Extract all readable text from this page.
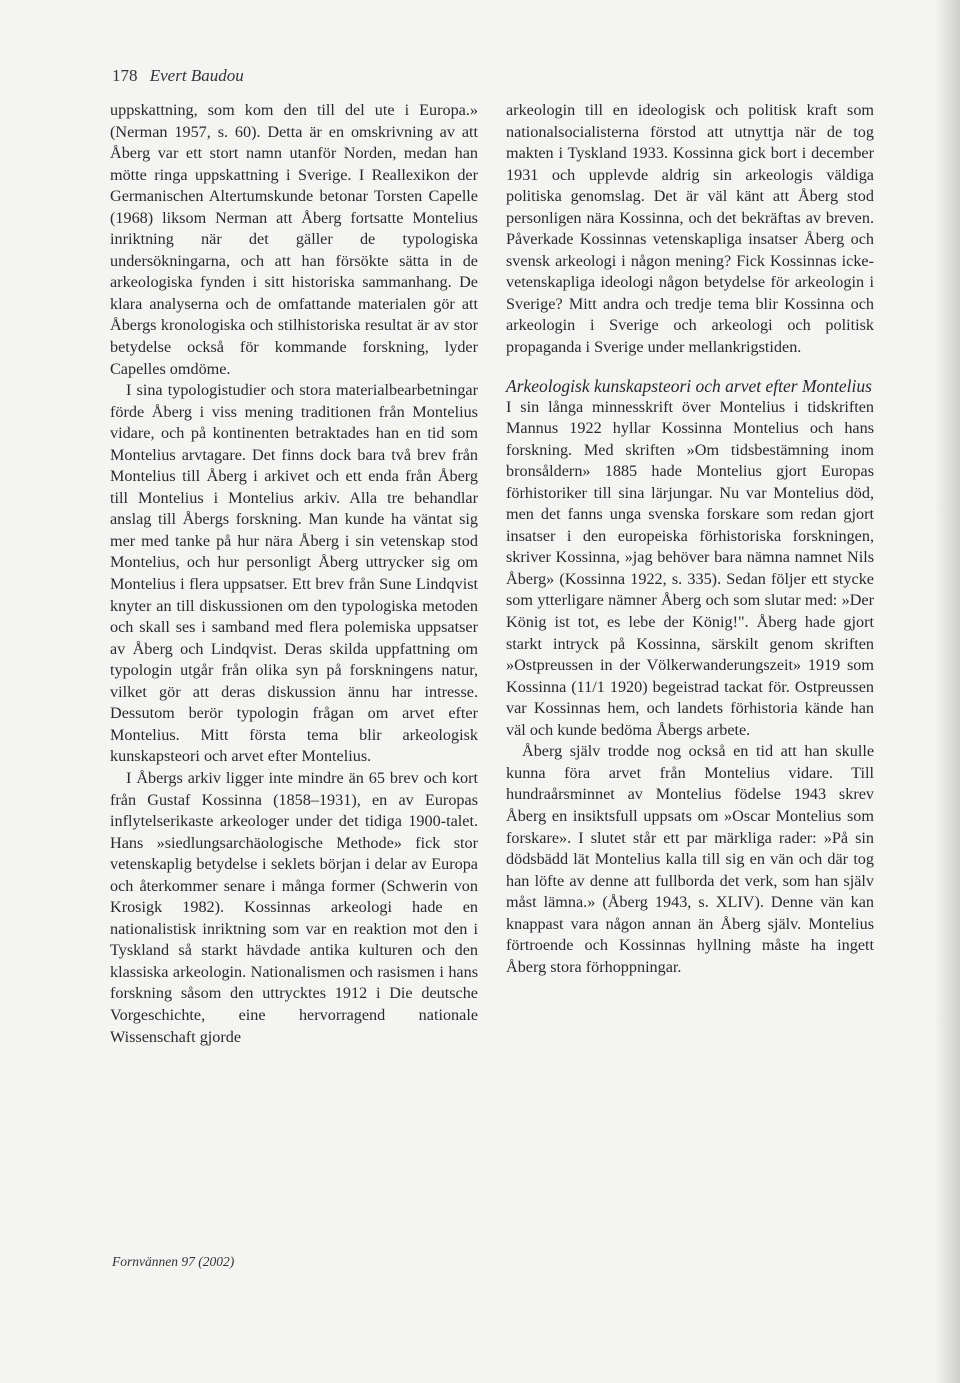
178 Evert Baudou

uppskattning, som kom den till del ute i Europa.» (Nerman 1957, s. 60). Detta är en omskrivning av att Åberg var ett stort namn utanför Norden, medan han mötte ringa uppskattning i Sverige. I Reallexikon der Germanischen Altertumskunde betonar Torsten Capelle (1968) liksom Nerman att Åberg fortsatte Montelius inriktning när det gäller de typologiska undersökningarna, och att han försökte sätta in de arkeologiska fynden i sitt historiska sammanhang. De klara analyserna och de omfattande materialen gör att Åbergs kronologiska och stilhistoriska resultat är av stor betydelse också för kommande forskning, lyder Capelles omdöme.

I sina typologistudier och stora materialbearbetningar förde Åberg i viss mening traditionen från Montelius vidare, och på kontinenten betraktades han en tid som Montelius arvtagare. Det finns dock bara två brev från Montelius till Åberg i arkivet och ett enda från Åberg till Montelius i Montelius arkiv. Alla tre behandlar anslag till Åbergs forskning. Man kunde ha väntat sig mer med tanke på hur nära Åberg i sin vetenskap stod Montelius, och hur personligt Åberg uttrycker sig om Montelius i flera uppsatser. Ett brev från Sune Lindqvist knyter an till diskussionen om den typologiska metoden och skall ses i samband med flera polemiska uppsatser av Åberg och Lindqvist. Deras skilda uppfattning om typologin utgår från olika syn på forskningens natur, vilket gör att deras diskussion ännu har intresse. Dessutom berör typologin frågan om arvet efter Montelius. Mitt första tema blir arkeologisk kunskapsteori och arvet efter Montelius.

I Åbergs arkiv ligger inte mindre än 65 brev och kort från Gustaf Kossinna (1858–1931), en av Europas inflytelserikaste arkeologer under det tidiga 1900-talet. Hans »siedlungsarchäologische Methode» fick stor vetenskaplig betydelse i seklets början i delar av Europa och återkommer senare i många former (Schwerin von Krosigk 1982). Kossinnas arkeologi hade en nationalistisk inriktning som var en reaktion mot den i Tyskland så starkt hävdade antika kulturen och den klassiska arkeologin. Nationalismen och rasismen i hans forskning såsom den uttrycktes 1912 i Die deutsche Vorgeschichte, eine hervorragend nationale Wissenschaft gjorde

arkeologin till en ideologisk och politisk kraft som nationalsocialisterna förstod att utnyttja när de tog makten i Tyskland 1933. Kossinna gick bort i december 1931 och upplevde aldrig sin arkeologis väldiga politiska genomslag. Det är väl känt att Åberg stod personligen nära Kossinna, och det bekräftas av breven. Påverkade Kossinnas vetenskapliga insatser Åberg och svensk arkeologi i någon mening? Fick Kossinnas icke-vetenskapliga ideologi någon betydelse för arkeologin i Sverige? Mitt andra och tredje tema blir Kossinna och arkeologin i Sverige och arkeologi och politisk propaganda i Sverige under mellankrigstiden.

Arkeologisk kunskapsteori och arvet efter Montelius

I sin långa minnesskrift över Montelius i tidskriften Mannus 1922 hyllar Kossinna Montelius och hans forskning. Med skriften »Om tidsbestämning inom bronsåldern» 1885 hade Montelius gjort Europas förhistoriker till sina lärjungar. Nu var Montelius död, men det fanns unga svenska forskare som redan gjort insatser i den europeiska förhistoriska forskningen, skriver Kossinna, »jag behöver bara nämna namnet Nils Åberg» (Kossinna 1922, s. 335). Sedan följer ett stycke som ytterligare nämner Åberg och som slutar med: »Der König ist tot, es lebe der König!". Åberg hade gjort starkt intryck på Kossinna, särskilt genom skriften »Ostpreussen in der Völkerwanderungszeit» 1919 som Kossinna (11/1 1920) begeistrad tackat för. Ostpreussen var Kossinnas hem, och landets förhistoria kände han väl och kunde bedöma Åbergs arbete.

Åberg själv trodde nog också en tid att han skulle kunna föra arvet från Montelius vidare. Till hundraårsminnet av Montelius födelse 1943 skrev Åberg en insiktsfull uppsats om »Oscar Montelius som forskare». I slutet står ett par märkliga rader: »På sin dödsbädd lät Montelius kalla till sig en vän och där tog han löfte av denne att fullborda det verk, som han själv måst lämna.» (Åberg 1943, s. XLIV). Denne vän kan knappast vara någon annan än Åberg själv. Montelius förtroende och Kossinnas hyllning måste ha ingett Åberg stora förhoppningar.

Fornvännen 97 (2002)
